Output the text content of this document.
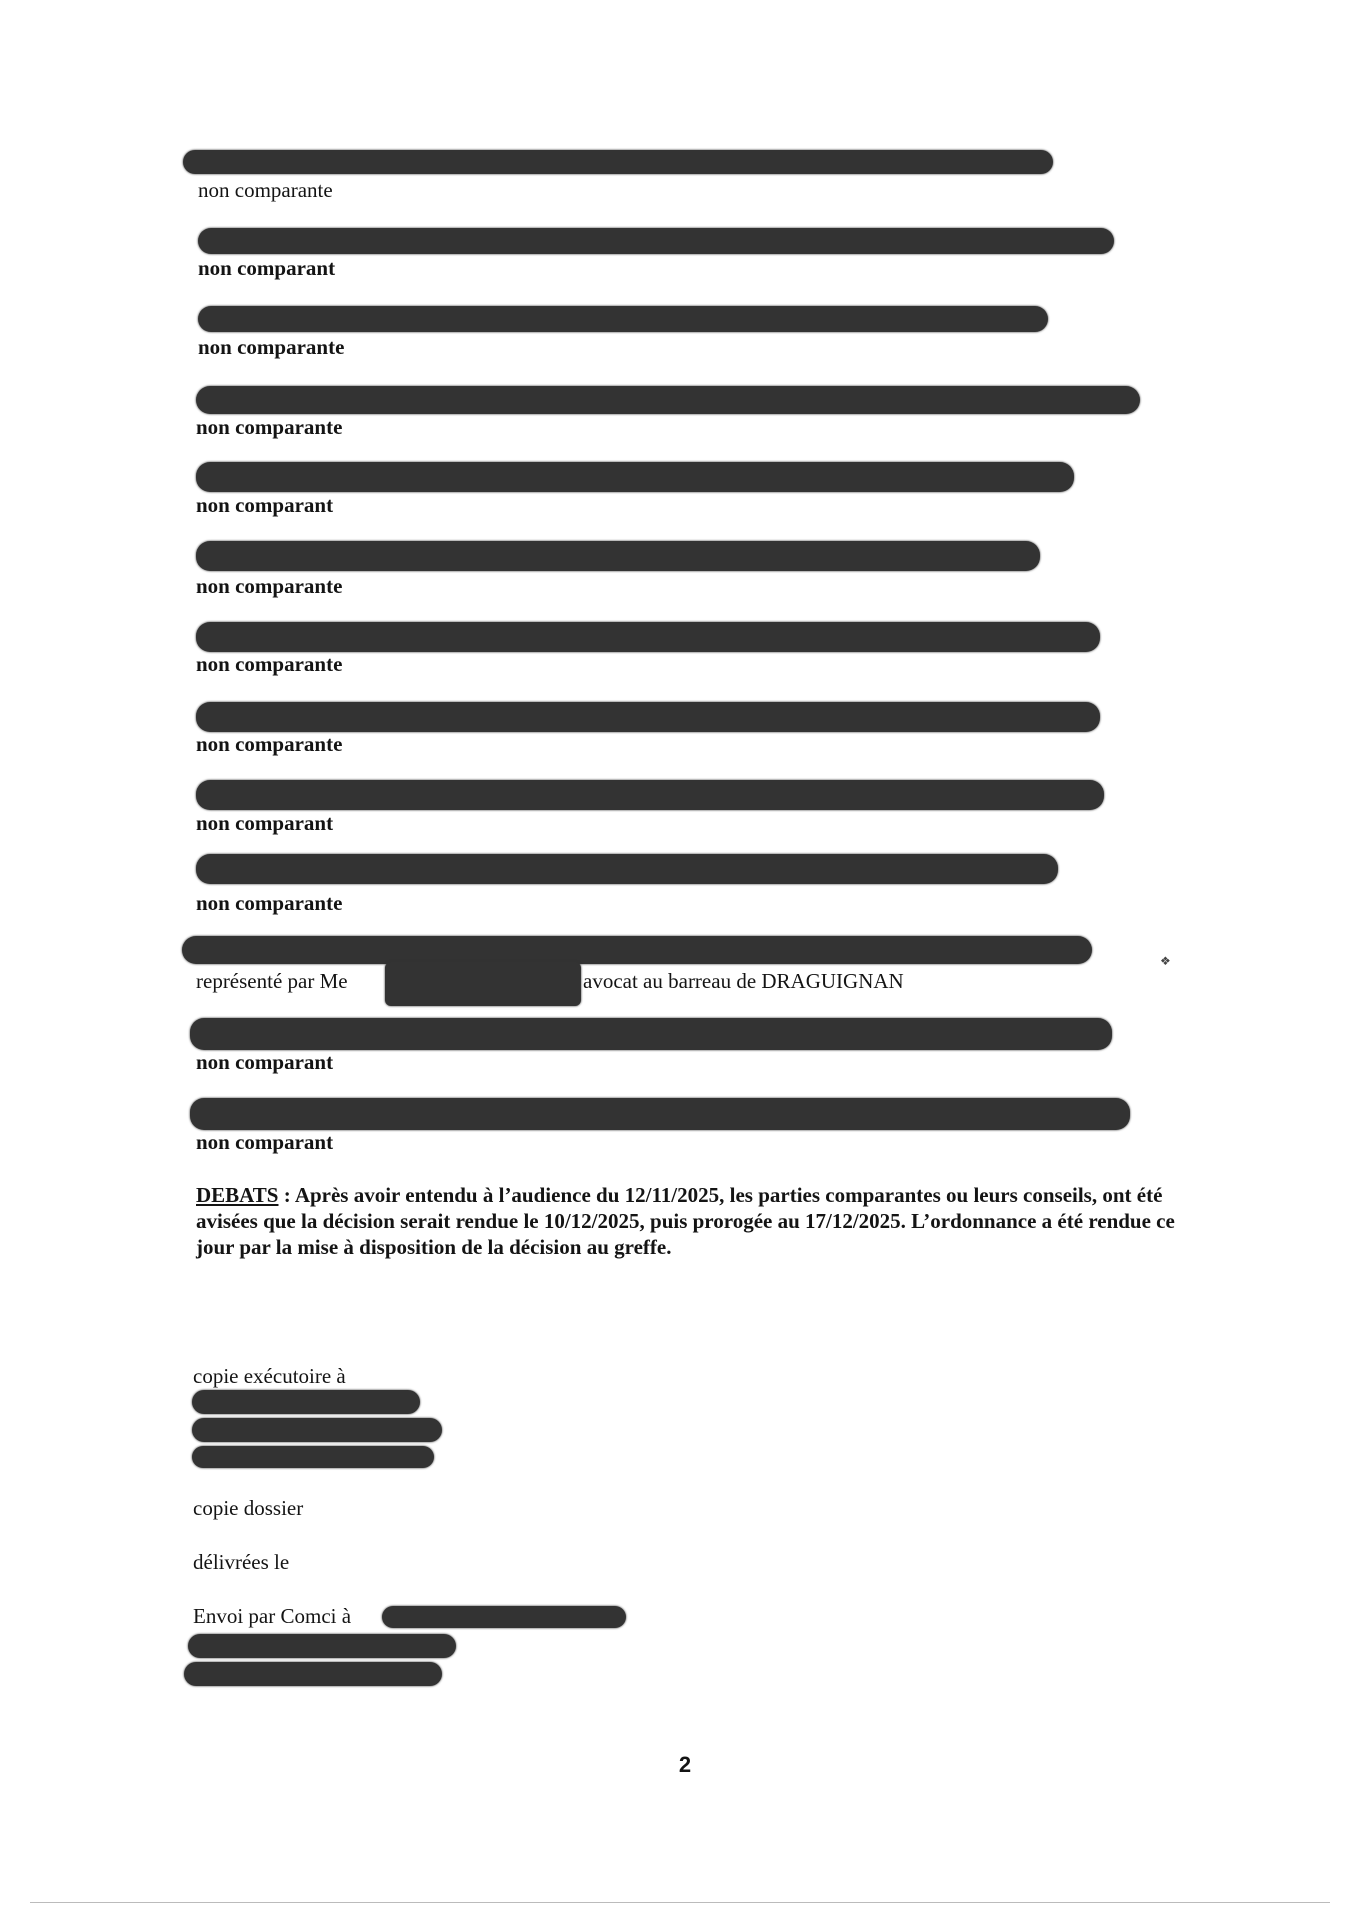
non comparante
non comparant
non comparante
non comparante
non comparant
non comparante
non comparante
non comparante
non comparant
non comparante
représenté par Me	avocat au barreau de DRAGUIGNAN
❖
non comparant
non comparant
DEBATS : Après avoir entendu à l’audience du 12/11/2025, les parties comparantes ou leurs conseils, ont été avisées que la décision serait rendue le 10/12/2025, puis prorogée au 17/12/2025. L’ordonnance a été rendue ce jour par la mise à disposition de la décision au greffe.
copie exécutoire à
copie dossier
délivrées le
Envoi par Comci à
2
